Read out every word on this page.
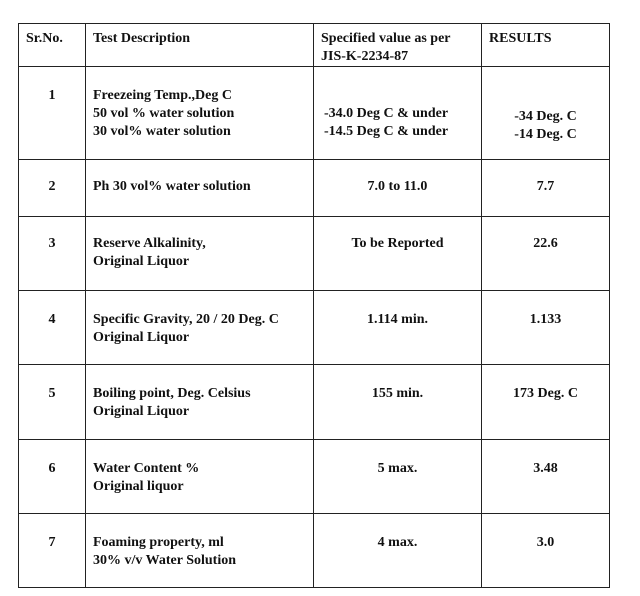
Sr.No.	Test Description	Specified value as per
JIS-K-2234-87	RESULTS
1	Freezeing Temp.,Deg C
50 vol % water solution
30 vol% water solution	-34.0 Deg C & under
-14.5 Deg C & under	-34 Deg. C
-14 Deg. C

2	Ph 30 vol% water solution	7.0 to 11.0	7.7

3	Reserve Alkalinity,
Original Liquor	To be Reported	22.6

4	Specific Gravity, 20 / 20 Deg. C
Original Liquor	1.114 min.	1.133

5	Boiling point, Deg. Celsius
Original Liquor	155 min.	173 Deg. C

6	Water Content %
Original liquor	5 max.	3.48

7	Foaming property, ml
30% v/v Water Solution	4 max.	3.0
